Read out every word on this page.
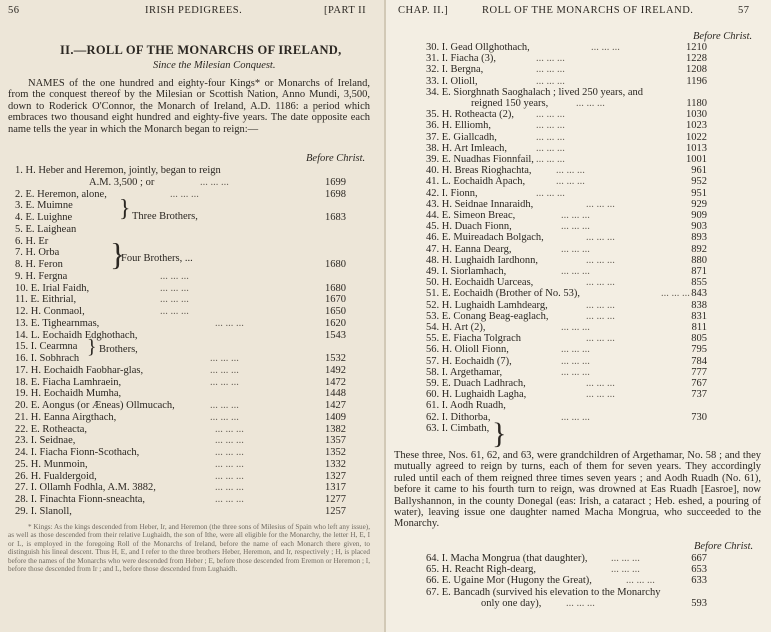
56	IRISH PEDIGREES.	[PART II
II.—ROLL OF THE MONARCHS OF IRELAND,
Since the Milesian Conquest.
NAMES of the one hundred and eighty-four Kings* or Monarchs of Ireland, from the conquest thereof by the Milesian or Scottish Nation, Anno Mundi, 3,500, down to Roderick O'Connor, the Monarch of Ireland, A.D. 1186: a period which embraces two thousand eight hundred and eighty-five years. The date opposite each name tells the year in which the Monarch began to reign:—
Before Christ.
1. H. Heber and Heremon, jointly, began to reign
A.M. 3,500 ; or	... ... ...	1699
2. E. Heremon, alone,	... ... ...	1698
3. E. Muimne
4. E. Luighne	1683
5. E. Laighean
6. H. Er
7. H. Orba
8. H. Feron	1680
9. H. Fergna	... ... ...
10. E. Irial Faidh,	... ... ...	1680
11. E. Eithrial,	... ... ...	1670
12. H. Conmaol,	... ... ...	1650
13. E. Tighearnmas,	... ... ...	1620
14. L. Eochaidh Edghothach,	1543
15. I. Cearmna
16. I. Sobhrach	... ... ...	1532
17. H. Eochaidh Faobhar-glas,	... ... ...	1492
18. E. Fiacha Lamhraein,	... ... ...	1472
19. H. Eochaidh Mumha,	1448
20. E. Aongus (or Æneas) Ollmucach,	... ... ...	1427
21. H. Eanna Airgthach,	... ... ...	1409
22. E. Rotheacta,	... ... ...	1382
23. I. Seidnae,	... ... ...	1357
24. I. Fiacha Fionn-Scothach,	... ... ...	1352
25. H. Munmoin,	... ... ...	1332
26. H. Fualdergoid,	... ... ...	1327
27. I. Ollamh Fodhla, A.M. 3882,	... ... ...	1317
28. I. Finachta Fionn-sneachta,	... ... ...	1277
29. I. Slanoll,	1257
} Three Brothers,
}
Four Brothers, ...
} Brothers,
* Kings: As the kings descended from Heber, Ir, and Heremon (the three sons of Milesius of Spain who left any issue), as well as those descended from their relative Lughaidh, the son of Ithe, were all eligible for the Monarchy, the letter H, E, I or L, is employed in the foregoing Roll of the Monarchs of Ireland, before the name of each Monarch there given, to distinguish his lineal descent. Thus H, E, and I refer to the three brothers Heber, Heremon, and Ir, respectively ; H, is placed before the names of the Monarchs who were descended from Heber ; E, before those descended from Eremon or Heremon ; I, before those descended from Ir ; and L, before those descended from Lughaidh.
CHAP. II.]	ROLL OF THE MONARCHS OF IRELAND.	57
Before Christ.
30. I. Gead Ollghothach,	... ... ...	1210
31. I. Fiacha (3),	... ... ...	1228
32. I. Bergna,	... ... ...	1208
33. I. Olioll,	... ... ...	1196
34. E. Siorghnath Saoghalach ; lived 250 years, and
reigned 150 years,	... ... ...	1180
35. H. Rotheacta (2), ... ... ...	1030
36. H. Elliomh,	... ... ...	1023
37. E. Giallcadh,	... ... ...	1022
38. H. Art Imleach,	... ... ...	1013
39. E. Nuadhas Fionnfail, ... ... ...	1001
40. H. Breas Rioghachta, ... ... ...	961
41. L. Eochaidh Apach,	... ... ...	952
42. I. Fionn,	... ... ...	951
43. H. Seidnae Innaraidh,	... ... ...	929
44. E. Simeon Breac,	... ... ...	909
45. H. Duach Fionn,	... ... ...	903
46. E. Muireadach Bolgach,	... ... ...	893
47. H. Eanna Dearg,	... ... ...	892
48. H. Lughaidh Iardhonn,	... ... ...	880
49. I. Siorlamhach,	... ... ...	871
50. H. Eochaidh Uarceas,	... ... ...	855
51. E. Eochaidh (Brother of No. 53),	... ... ... 843
52. H. Lughaidh Lamhdearg,	... ... ...	838
53. E. Conang Beag-eaglach,	... ... ...	831
54. H. Art (2),	... ... ...	811
55. E. Fiacha Tolgrach	... ... ...	805
56. H. Olioll Fionn,	... ... ...	795
57. H. Eochaidh (7),	... ... ...	784
58. I. Argethamar,	... ... ...	777
59. E. Duach Ladhrach,	... ... ...	767
60. H. Lughaidh Lagha,	... ... ...	737
61. I. Aodh Ruadh,
62. I. Dithorba,	... ... ...	730
63. I. Cimbath, }
These three, Nos. 61, 62, and 63, were grandchildren of Argethamar, No. 58 ; and they mutually agreed to reign by turns, each of them for seven years. They accordingly ruled until each of them reigned three times seven years ; and Aodh Ruadh (No. 61), before it came to his fourth turn to reign, was drowned at Eas Ruadh [Easroe], now Ballyshannon, in the county Donegal (eas: Irish, a cataract ; Heb. eshed, a pouring of water), leaving issue one daughter named Macha Mongrua, who succeeded to the Monarchy.
Before Christ.
64. I. Macha Mongrua (that daughter), ... ... ...	667
65. H. Reacht Righ-dearg,	... ... ...	653
66. E. Ugaine Mor (Hugony the Great),	... ... ...	633
67. E. Bancadh (survived his elevation to the Monarchy
only one day), ... ... ...	593
